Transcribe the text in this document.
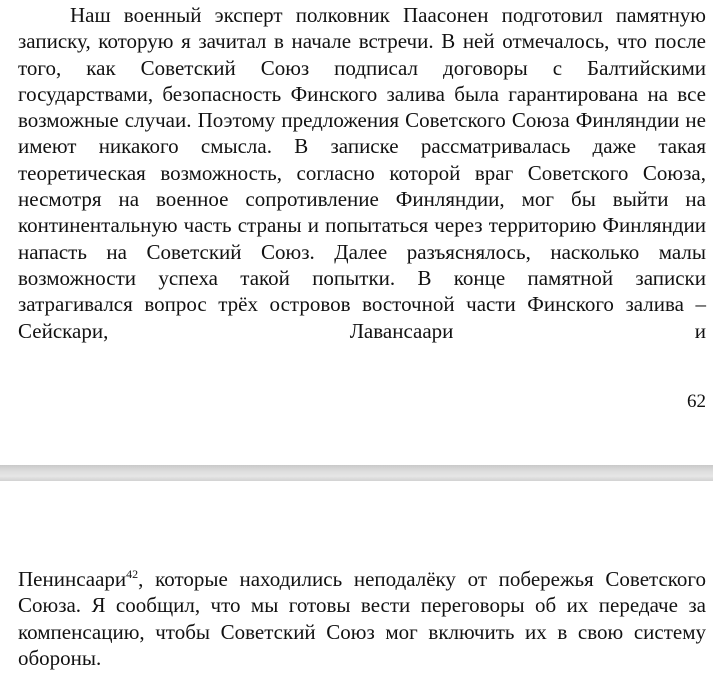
Наш военный эксперт полковник Паасонен подготовил памятную записку, которую я зачитал в начале встречи. В ней отмечалось, что после того, как Советский Союз подписал договоры с Балтийскими государствами, безопасность Финского залива была гарантирована на все возможные случаи. Поэтому предложения Советского Союза Финляндии не имеют никакого смысла. В записке рассматривалась даже такая теоретическая возможность, согласно которой враг Советского Союза, несмотря на военное сопротивление Финляндии, мог бы выйти на континентальную часть страны и попытаться через территорию Финляндии напасть на Советский Союз. Далее разъяснялось, насколько малы возможности успеха такой попытки. В конце памятной записки затрагивался вопрос трёх островов восточной части Финского залива – Сейскари, Лавансаари и

62

Пенинсаари$^{42}$, которые находились неподалёку от побережья Советского Союза. Я сообщил, что мы готовы вести переговоры об их передаче за компенсацию, чтобы Советский Союз мог включить их в свою систему обороны.
